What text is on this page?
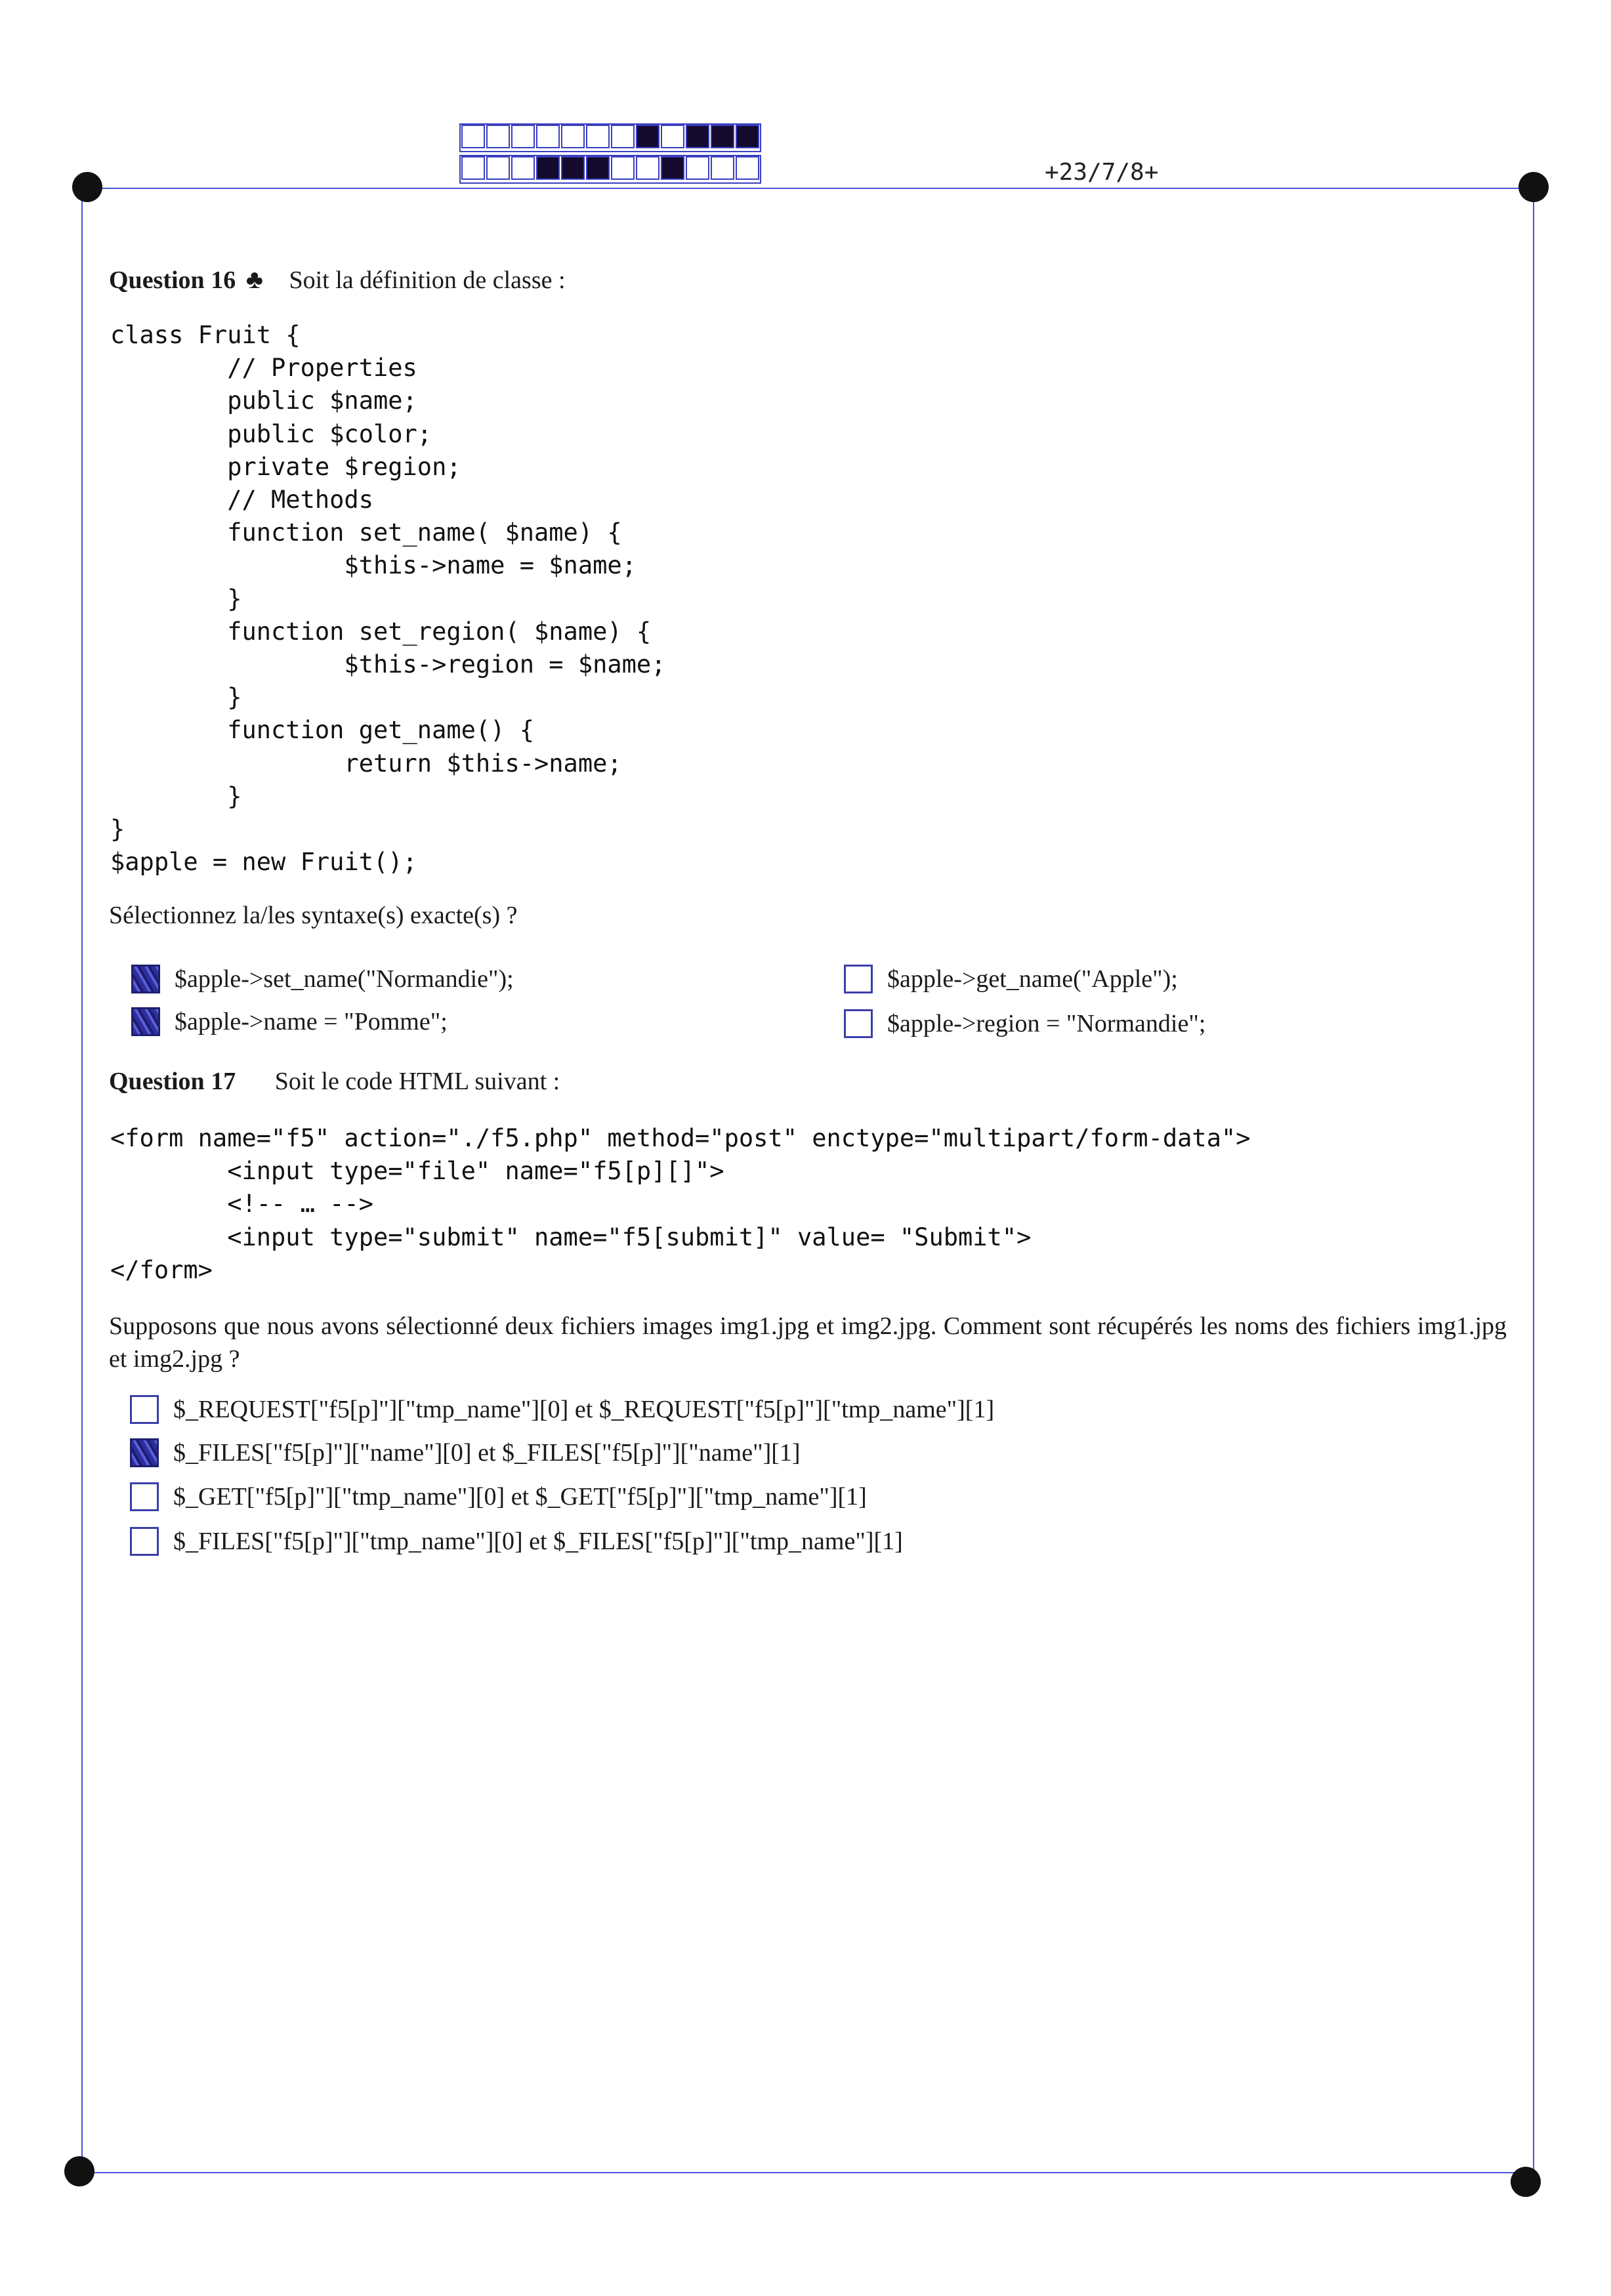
+23/7/8+
Question 16 ♣ Soit la définition de classe :
class Fruit {
// Properties
public $name;
public $color;
private $region;
// Methods
function set_name( $name) {
$this->name = $name;
}
function set_region( $name) {
$this->region = $name;
}
function get_name() {
return $this->name;
}
}
$apple = new Fruit();
Sélectionnez la/les syntaxe(s) exacte(s) ?
$apple->set_name("Normandie");
$apple->name = "Pomme";
$apple->get_name("Apple");
$apple->region = "Normandie";
Question 17 Soit le code HTML suivant :
<form name="f5" action="./f5.php" method="post" enctype="multipart/form-data">
<input type="file" name="f5[p][]">
<!-- … -->
<input type="submit" name="f5[submit]" value= "Submit">
</form>
Supposons que nous avons sélectionné deux fichiers images img1.jpg et img2.jpg. Comment sont récupérés les noms des fichiers img1.jpg et img2.jpg ?
$_REQUEST["f5[p]"]["tmp_name"][0] et $_REQUEST["f5[p]"]["tmp_name"][1]
$_FILES["f5[p]"]["name"][0] et $_FILES["f5[p]"]["name"][1]
$_GET["f5[p]"]["tmp_name"][0] et $_GET["f5[p]"]["tmp_name"][1]
$_FILES["f5[p]"]["tmp_name"][0] et $_FILES["f5[p]"]["tmp_name"][1]
